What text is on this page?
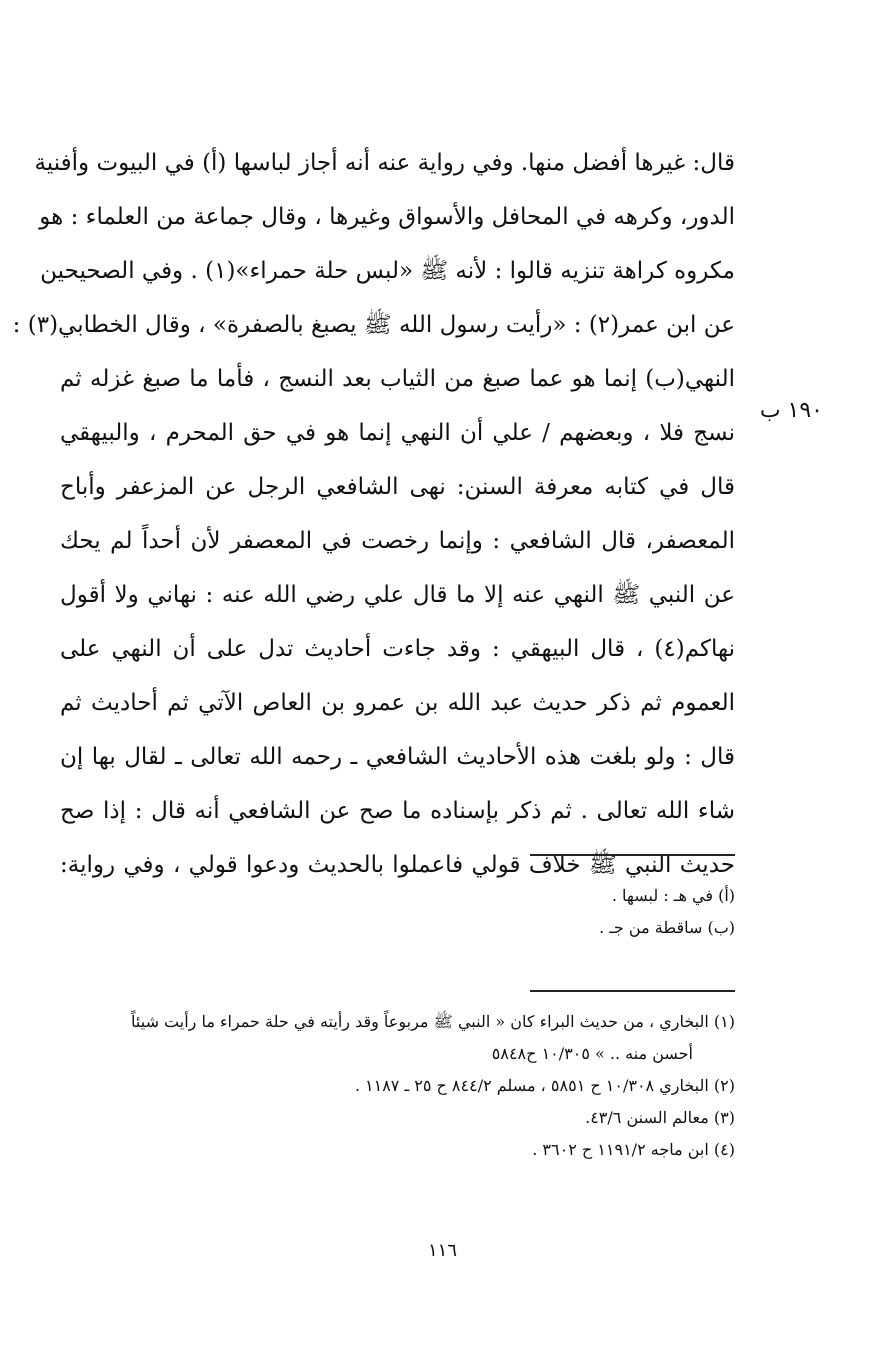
قال: غيرها أفضل منها. وفي رواية عنه أنه أجاز لباسها (أ) في البيوت وأفنية
الدور، وكرهه في المحافل والأسواق وغيرها ، وقال جماعة من العلماء : هو
مكروه كراهة تنزيه قالوا : لأنه ﷺ «لبس حلة حمراء»(١) . وفي الصحيحين
عن ابن عمر(٢) : «رأيت رسول الله ﷺ يصبغ بالصفرة» ، وقال الخطابي(٣) :
النهي(ب) إنما هو عما صبغ من الثياب بعد النسج ، فأما ما صبغ غزله ثم
نسج فلا ، وبعضهم / علي أن النهي إنما هو في حق المحرم ، والبيهقي
قال في كتابه معرفة السنن: نهى الشافعي الرجل عن المزعفر وأباح
المعصفر، قال الشافعي : وإنما رخصت في المعصفر لأن أحداً لم يحك
عن النبي ﷺ النهي عنه إلا ما قال علي رضي الله عنه : نهاني ولا أقول
نهاكم(٤) ، قال البيهقي : وقد جاءت أحاديث تدل على أن النهي على
العموم ثم ذكر حديث عبد الله بن عمرو بن العاص الآتي ثم أحاديث ثم
قال : ولو بلغت هذه الأحاديث الشافعي ـ رحمه الله تعالى ـ لقال بها إن
شاء الله تعالى . ثم ذكر بإسناده ما صح عن الشافعي أنه قال : إذا صح
حديث النبي ﷺ خلاف قولي فاعملوا بالحديث ودعوا قولي ، وفي رواية:
١٩٠ ب
(أ) في هـ : لبسها .
(ب) ساقطة من جـ .
(١) البخاري ، من حديث البراء كان « النبي ﷺ مربوعاً وقد رأيته في حلة حمراء ما رأيت شيئاً
أحسن منه .. » ١٠/٣٠٥ ح٥٨٤٨
(٢) البخاري ١٠/٣٠٨ ح ٥٨٥١ ، مسلم ٨٤٤/٢ ح ٢٥ ـ ١١٨٧ .
(٣) معالم السنن ٤٣/٦.
(٤) ابن ماجه ١١٩١/٢ ح ٣٦٠٢ .
١١٦
